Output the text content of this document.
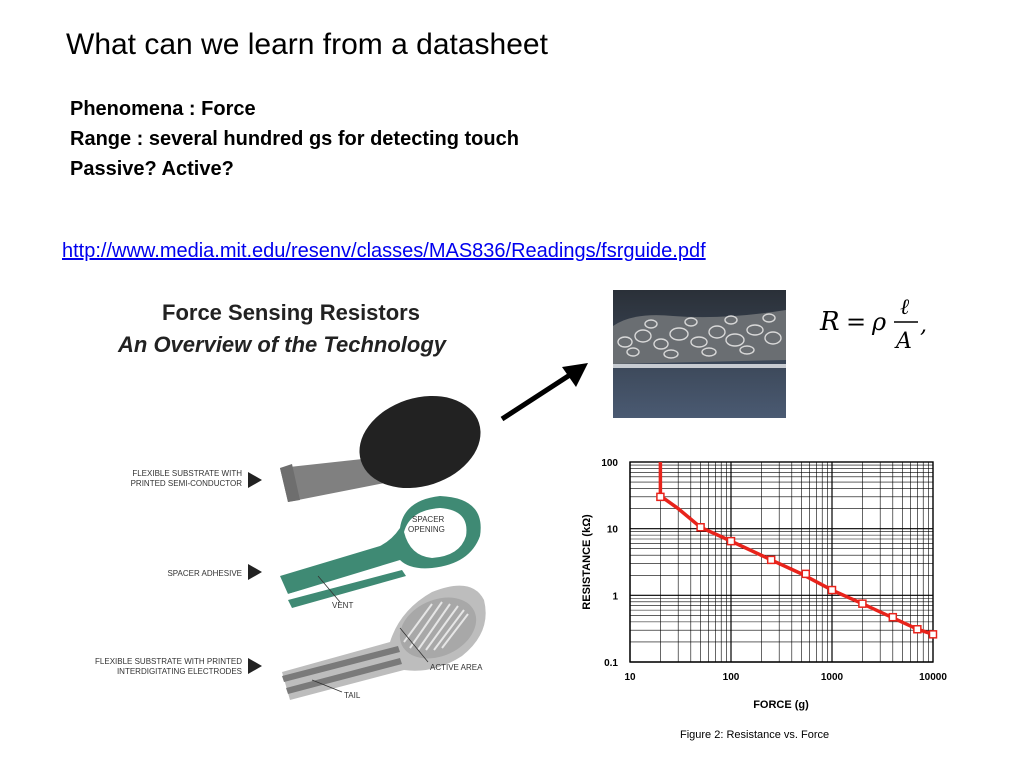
What can we learn from a datasheet
Phenomena : Force
Range : several hundred gs for detecting touch
Passive? Active?
http://www.media.mit.edu/resenv/classes/MAS836/Readings/fsrguide.pdf
Force Sensing Resistors
An Overview of the Technology
FLEXIBLE SUBSTRATE WITH
PRINTED SEMI-CONDUCTOR
SPACER ADHESIVE
SPACER
OPENING
VENT
FLEXIBLE SUBSTRATE WITH PRINTED
INTERDIGITATING ELECTRODES	ACTIVE AREA
TAIL
R = ρ
ℓ
A
,
10	100	1000	10000
100
10
1
0.1
FORCE (g)
RESISTANCE (kΩ)
Figure 2: Resistance vs. Force
